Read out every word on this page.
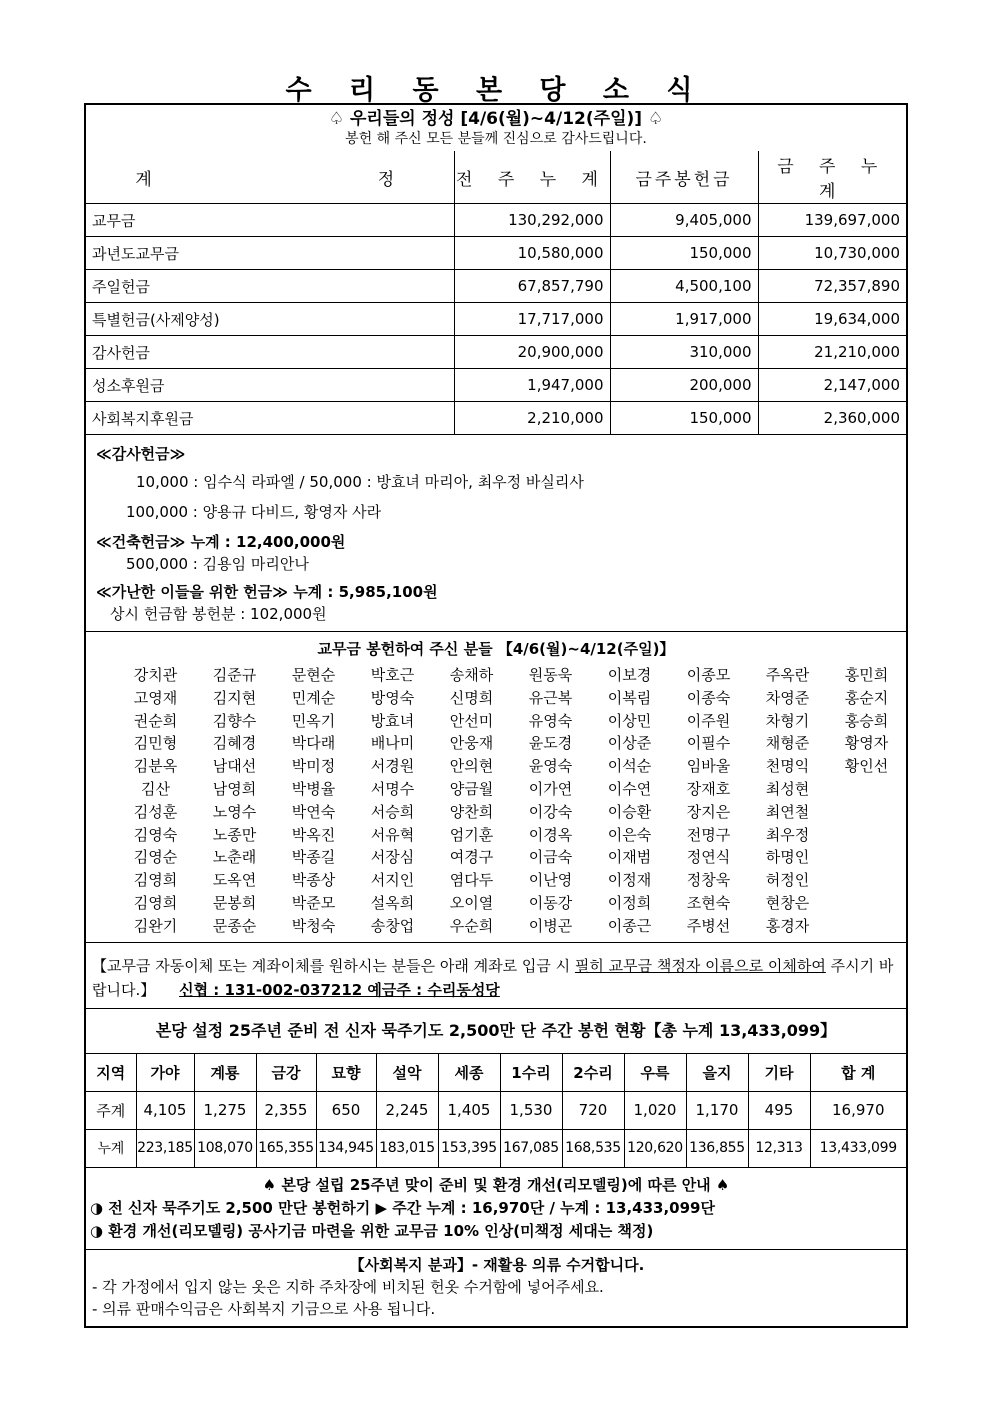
수 리 동 본 당 소 식
♤ 우리들의 정성 [4/6(월)~4/12(주일)] ♤
봉헌 해 주신 모든 분들께 진심으로 감사드립니다.
계　　　　　　　　정	전 주 누 계	금주봉헌금	금 주 누 계
교무금	130,292,000	9,405,000	139,697,000
과년도교무금	10,580,000	150,000	10,730,000
주일헌금	67,857,790	4,500,100	72,357,890
특별헌금(사제양성)	17,717,000	1,917,000	19,634,000
감사헌금	20,900,000	310,000	21,210,000
성소후원금	1,947,000	200,000	2,147,000
사회복지후원금	2,210,000	150,000	2,360,000
≪감사헌금≫
10,000 : 임수식 라파엘 / 50,000 : 방효녀 마리아, 최우정 바실리사
100,000 : 양용규 다비드, 황영자 사라
≪건축헌금≫ 누계 : 12,400,000원
500,000 : 김용임 마리안나
≪가난한 이들을 위한 헌금≫ 누계 : 5,985,100원
상시 헌금함 봉헌분 : 102,000원
교무금 봉헌하여 주신 분들 【4/6(월)~4/12(주일)】
강치관	김준규	문현순	박호근	송채하	원동욱	이보경	이종모	주옥란	홍민희
고영재	김지현	민계순	방영숙	신명희	유근복	이복림	이종숙	차영준	홍순지
권순희	김향수	민옥기	방효녀	안선미	유영숙	이상민	이주원	차형기	홍승희
김민형	김혜경	박다래	배나미	안웅재	윤도경	이상준	이필수	채형준	황영자
김분옥	남대선	박미정	서경원	안의현	윤영숙	이석순	임바울	천명익	황인선
김산	남영희	박병율	서명수	양금월	이가연	이수연	장재호	최성현
김성훈	노영수	박연숙	서승희	양찬희	이강숙	이승환	장지은	최연철
김영숙	노종만	박옥진	서유혁	엄기훈	이경옥	이은숙	전명구	최우정
김영순	노춘래	박종길	서장심	여경구	이금숙	이재범	정연식	하명인
김영희	도옥연	박종상	서지인	염다두	이난영	이정재	정창욱	허정인
김영희	문봉희	박준모	설옥희	오이열	이동강	이정희	조현숙	현창은
김완기	문종순	박청숙	송창업	우순희	이병곤	이종근	주병선	홍경자
【교무금 자동이체 또는 계좌이체를 원하시는 분들은 아래 계좌로 입금 시 필히 교무금 책정자 이름으로 이체하여 주시기 바랍니다.】 신협 : 131-002-037212 예금주 : 수리동성당
본당 설정 25주년 준비 전 신자 묵주기도 2,500만 단 주간 봉헌 현황【총 누계 13,433,099】
지역	가야	계룡	금강	묘향	설악	세종	1수리	2수리	우륵	을지	기타	합 계
주계	4,105	1,275	2,355	650	2,245	1,405	1,530	720	1,020	1,170	495	16,970
누계	223,185	108,070	165,355	134,945	183,015	153,395	167,085	168,535	120,620	136,855	12,313	13,433,099
♠ 본당 설립 25주년 맞이 준비 및 환경 개선(리모델링)에 따른 안내 ♠
◑ 전 신자 묵주기도 2,500 만단 봉헌하기 ▶ 주간 누계 : 16,970단 / 누계 : 13,433,099단
◑ 환경 개선(리모델링) 공사기금 마련을 위한 교무금 10% 인상(미책정 세대는 책정)
【사회복지 분과】- 재활용 의류 수거합니다.
- 각 가정에서 입지 않는 옷은 지하 주차장에 비치된 헌옷 수거함에 넣어주세요.
- 의류 판매수익금은 사회복지 기금으로 사용 됩니다.
